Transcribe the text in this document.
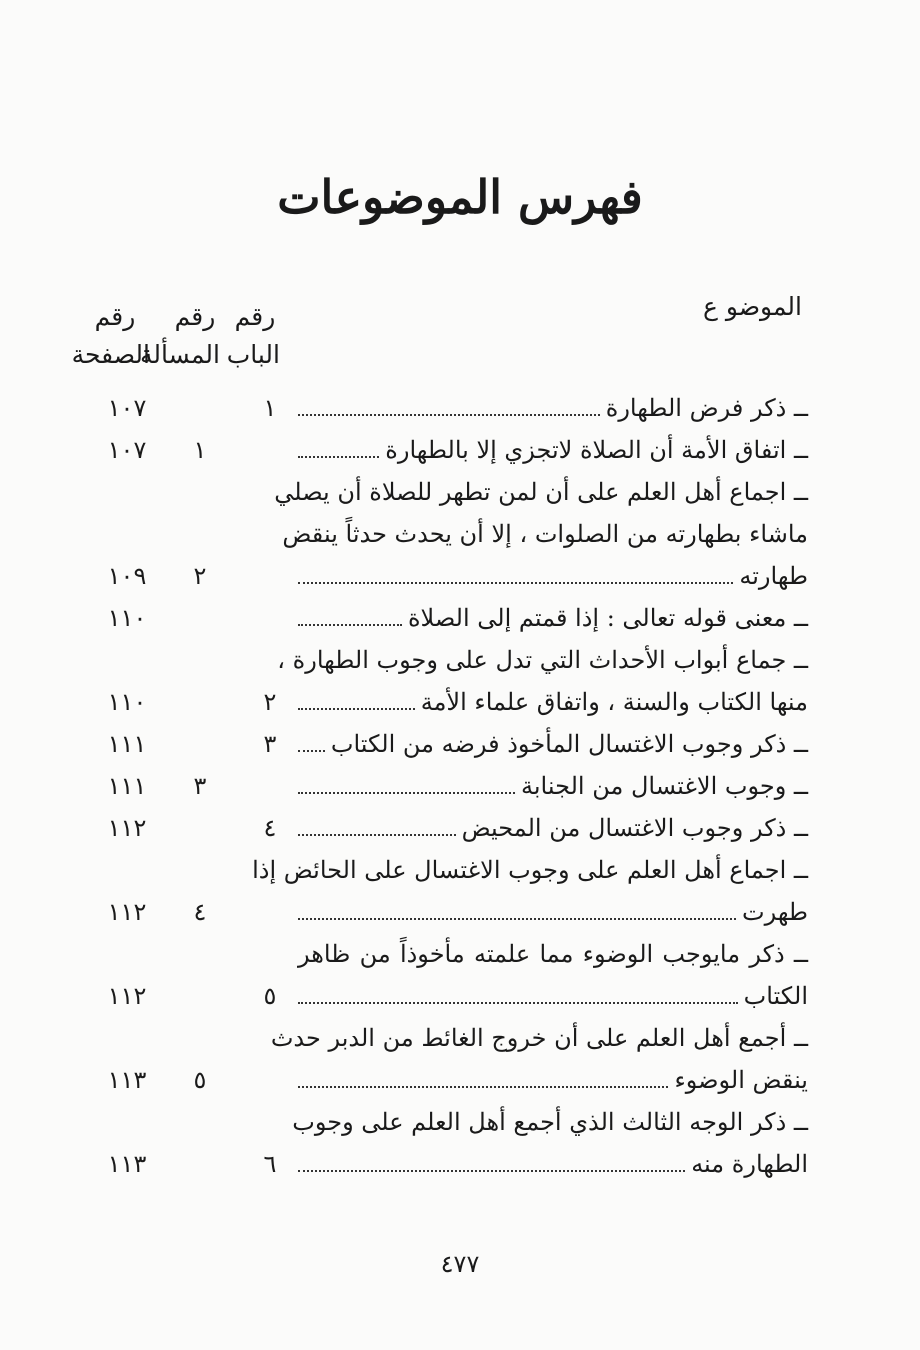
فهرس الموضوعات
الموضو ع
رقم
رقم
رقم
الباب
المسألة
الصفحة
ــ ذكر فرض الطهارة
١
١٠٧
ــ اتفاق الأمة أن الصلاة لاتجزي إلا بالطهارة
١
١٠٧
ــ اجماع أهل العلم على أن لمن تطهر للصلاة أن يصلي
ماشاء بطهارته من الصلوات ، إلا أن يحدث حدثاً ينقض
طهارته
٢
١٠٩
ــ معنى قوله تعالى : إذا قمتم إلى الصلاة
١١٠
ــ جماع أبواب الأحداث التي تدل على وجوب الطهارة ،
منها الكتاب والسنة ، واتفاق علماء الأمة
٢
١١٠
ــ ذكر وجوب الاغتسال المأخوذ فرضه من الكتاب
٣
١١١
ــ وجوب الاغتسال من الجنابة
٣
١١١
ــ ذكر وجوب الاغتسال من المحيض
٤
١١٢
ــ اجماع أهل العلم على وجوب الاغتسال على الحائض إذا
طهرت
٤
١١٢
ــ ذكر مايوجب الوضوء مما علمته مأخوذاً من ظاهر
الكتاب
٥
١١٢
ــ أجمع أهل العلم على أن خروج الغائط من الدبر حدث
ينقض الوضوء
٥
١١٣
ــ ذكر الوجه الثالث الذي أجمع أهل العلم على وجوب
الطهارة منه
٦
١١٣
٤٧٧
